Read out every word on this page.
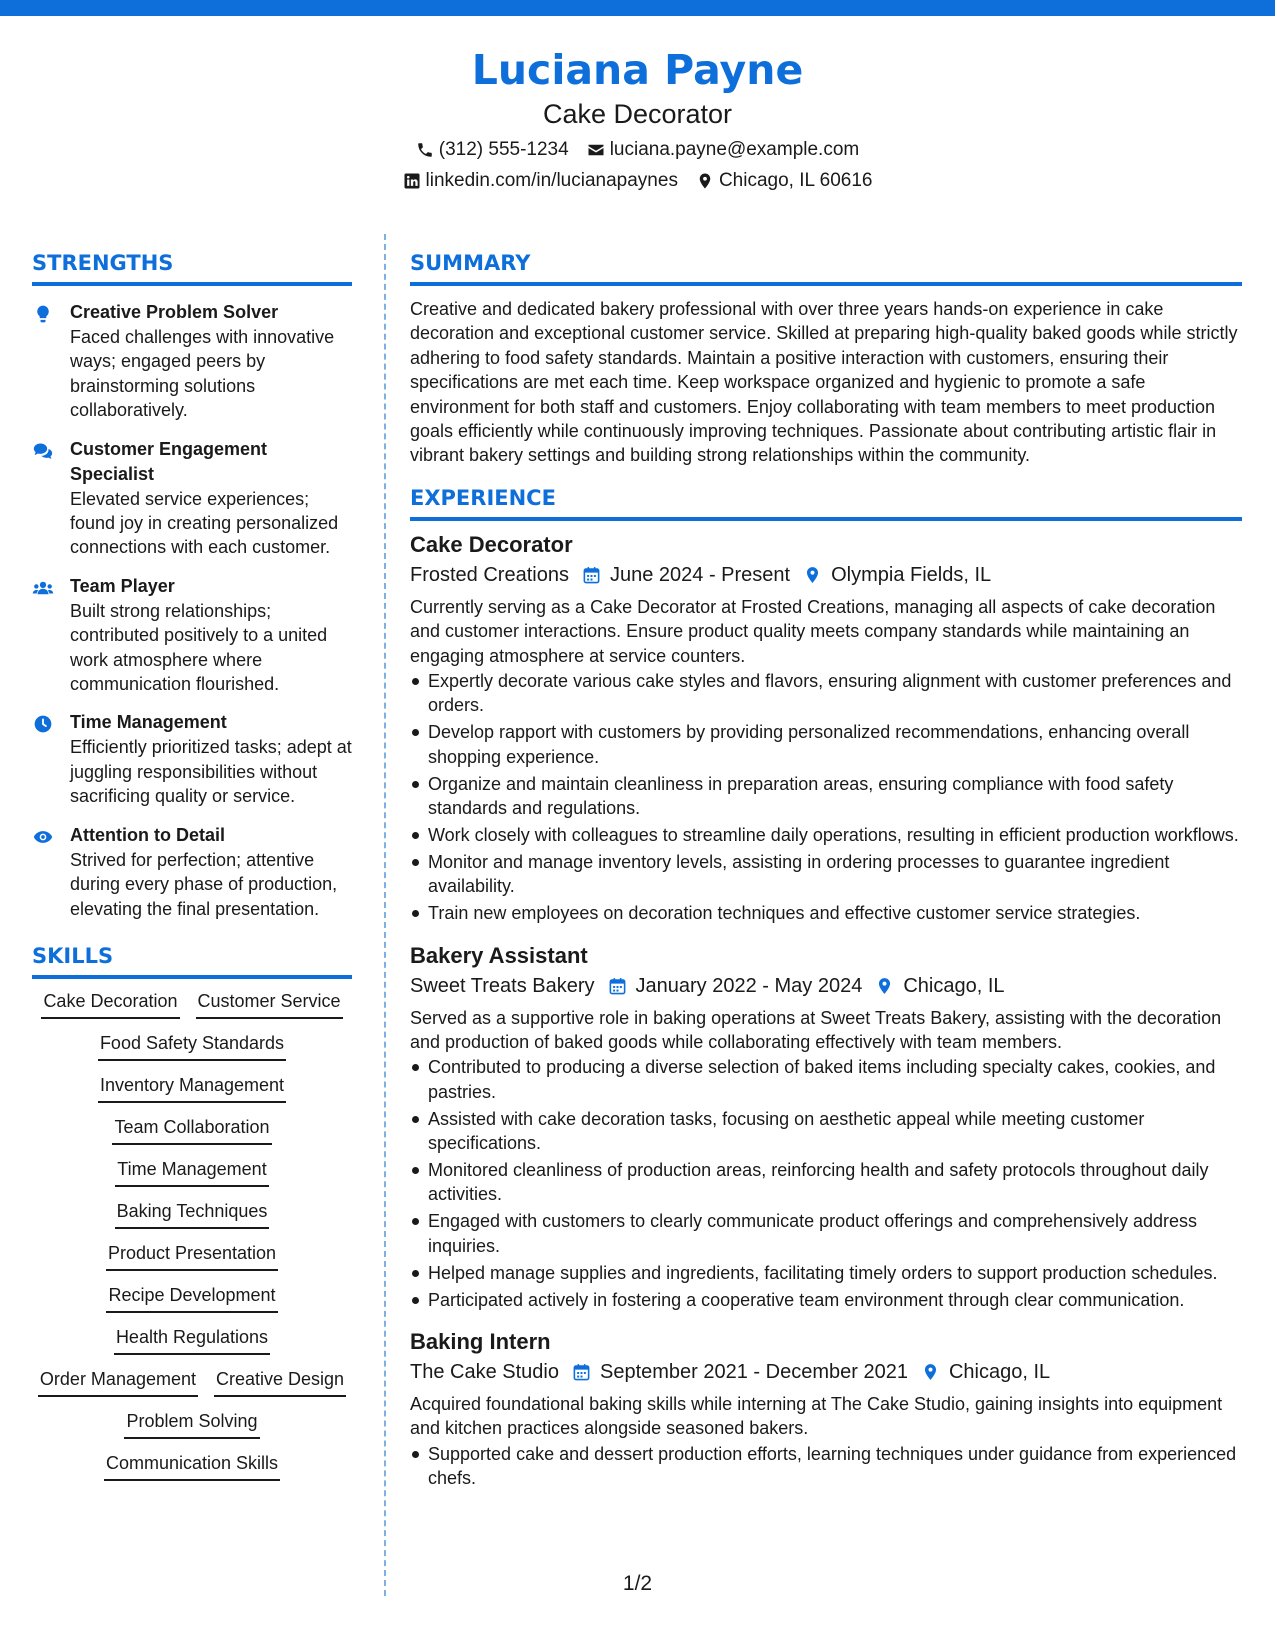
Luciana Payne
Cake Decorator
(312) 555-1234 luciana.payne@example.com
linkedin.com/in/lucianapaynes Chicago, IL 60616
STRENGTHS
Creative Problem Solver
Faced challenges with innovative ways; engaged peers by brainstorming solutions collaboratively.
Customer Engagement Specialist
Elevated service experiences; found joy in creating personalized connections with each customer.
Team Player
Built strong relationships; contributed positively to a united work atmosphere where communication flourished.
Time Management
Efficiently prioritized tasks; adept at juggling responsibilities without sacrificing quality or service.
Attention to Detail
Strived for perfection; attentive during every phase of production, elevating the final presentation.
SKILLS
Cake Decoration Customer Service
Food Safety Standards
Inventory Management
Team Collaboration
Time Management
Baking Techniques
Product Presentation
Recipe Development
Health Regulations
Order Management Creative Design
Problem Solving
Communication Skills
SUMMARY
Creative and dedicated bakery professional with over three years hands-on experience in cake decoration and exceptional customer service. Skilled at preparing high-quality baked goods while strictly adhering to food safety standards. Maintain a positive interaction with customers, ensuring their specifications are met each time. Keep workspace organized and hygienic to promote a safe environment for both staff and customers. Enjoy collaborating with team members to meet production goals efficiently while continuously improving techniques. Passionate about contributing artistic flair in vibrant bakery settings and building strong relationships within the community.
EXPERIENCE
Cake Decorator
Frosted Creations June 2024 - Present Olympia Fields, IL
Currently serving as a Cake Decorator at Frosted Creations, managing all aspects of cake decoration and customer interactions. Ensure product quality meets company standards while maintaining an engaging atmosphere at service counters.
Expertly decorate various cake styles and flavors, ensuring alignment with customer preferences and orders.
Develop rapport with customers by providing personalized recommendations, enhancing overall shopping experience.
Organize and maintain cleanliness in preparation areas, ensuring compliance with food safety standards and regulations.
Work closely with colleagues to streamline daily operations, resulting in efficient production workflows.
Monitor and manage inventory levels, assisting in ordering processes to guarantee ingredient availability.
Train new employees on decoration techniques and effective customer service strategies.
Bakery Assistant
Sweet Treats Bakery January 2022 - May 2024 Chicago, IL
Served as a supportive role in baking operations at Sweet Treats Bakery, assisting with the decoration and production of baked goods while collaborating effectively with team members.
Contributed to producing a diverse selection of baked items including specialty cakes, cookies, and pastries.
Assisted with cake decoration tasks, focusing on aesthetic appeal while meeting customer specifications.
Monitored cleanliness of production areas, reinforcing health and safety protocols throughout daily activities.
Engaged with customers to clearly communicate product offerings and comprehensively address inquiries.
Helped manage supplies and ingredients, facilitating timely orders to support production schedules.
Participated actively in fostering a cooperative team environment through clear communication.
Baking Intern
The Cake Studio September 2021 - December 2021 Chicago, IL
Acquired foundational baking skills while interning at The Cake Studio, gaining insights into equipment and kitchen practices alongside seasoned bakers.
Supported cake and dessert production efforts, learning techniques under guidance from experienced chefs.
1/2
